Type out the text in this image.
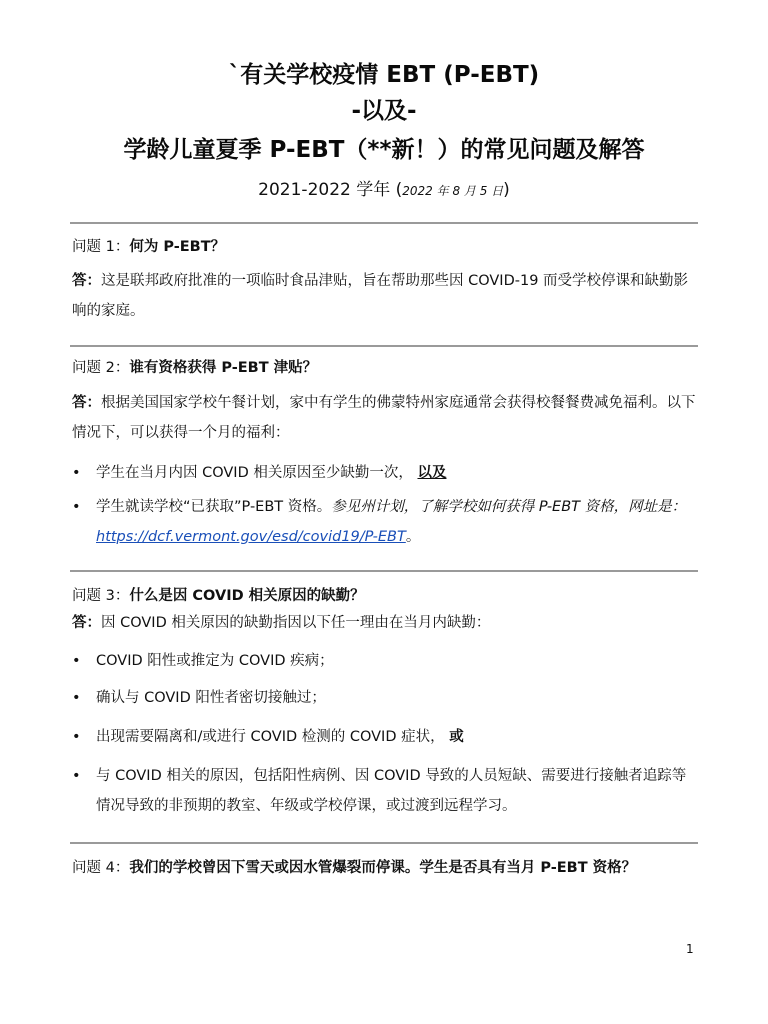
`有关学校疫情 EBT (P-EBT)
-以及-
学龄儿童夏季 P-EBT（**新！）的常见问题及解答
2021-2022 学年 (2022 年 8 月 5 日)
问题 1：何为 P-EBT？
答：这是联邦政府批准的一项临时食品津贴，旨在帮助那些因 COVID-19 而受学校停课和缺勤影响的家庭。
问题 2：谁有资格获得 P-EBT 津贴？
答：根据美国国家学校午餐计划，家中有学生的佛蒙特州家庭通常会获得校餐餐费减免福利。以下情况下，可以获得一个月的福利：
•	学生在当月内因 COVID 相关原因至少缺勤一次， 以及
•	学生就读学校“已获取”P-EBT 资格。参见州计划，了解学校如何获得 P-EBT 资格，网址是：https://dcf.vermont.gov/esd/covid19/P-EBT。
问题 3：什么是因 COVID 相关原因的缺勤？
答：因 COVID 相关原因的缺勤指因以下任一理由在当月内缺勤：
•	COVID 阳性或推定为 COVID 疾病；
•	确认与 COVID 阳性者密切接触过；
•	出现需要隔离和/或进行 COVID 检测的 COVID 症状， 或
•	与 COVID 相关的原因，包括阳性病例、因 COVID 导致的人员短缺、需要进行接触者追踪等情况导致的非预期的教室、年级或学校停课，或过渡到远程学习。
问题 4：我们的学校曾因下雪天或因水管爆裂而停课。学生是否具有当月 P-EBT 资格？
1
